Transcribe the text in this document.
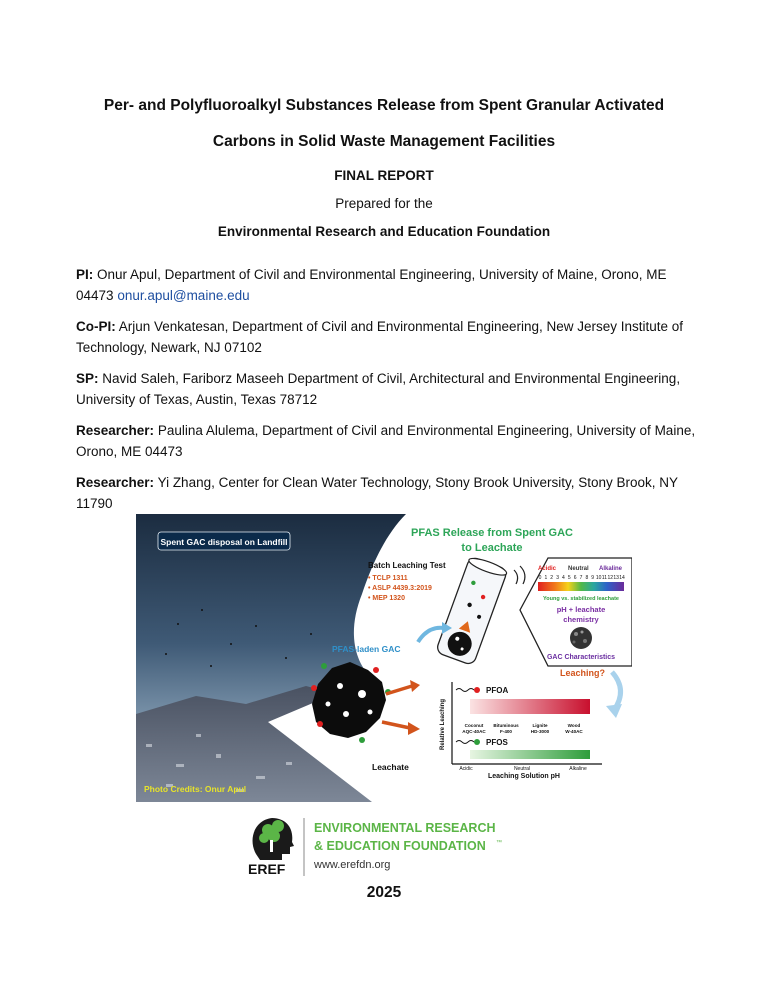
Per- and Polyfluoroalkyl Substances Release from Spent Granular Activated
Carbons in Solid Waste Management Facilities
FINAL REPORT
Prepared for the
Environmental Research and Education Foundation
PI: Onur Apul, Department of Civil and Environmental Engineering, University of Maine, Orono, ME 04473 onur.apul@maine.edu
Co-PI: Arjun Venkatesan, Department of Civil and Environmental Engineering, New Jersey Institute of Technology, Newark, NJ 07102
SP: Navid Saleh, Fariborz Maseeh Department of Civil, Architectural and Environmental Engineering, University of Texas, Austin, Texas 78712
Researcher: Paulina Alulema, Department of Civil and Environmental Engineering, University of Maine, Orono, ME 04473
Researcher: Yi Zhang, Center for Clean Water Technology, Stony Brook University, Stony Brook, NY 11790
Spent GAC disposal on Landfill
PFAS Release from Spent GAC
to Leachate
Batch Leaching Test
• TCLP 1311
• ASLP 4439.3:2019
• MEP 1320
Acidic Neutral Alkaline
0 1 2 3 4 5 6 7 8 9 10 11 12 13 14
Young vs. stabilized leachate
pH + leachate
chemistry
GAC Characteristics
PFAS-laden GAC
Leachate
Leaching?
Relative Leaching
Leaching Solution pH
Acidic	Neutral	Alkaline
PFOA
Coconut
AQC-40AC
Bituminous
F-400
Lignite
HD-3000
Wood
W-40AC
PFOS
Photo Credits: Onur Apul
EREF
ENVIRONMENTAL RESEARCH
& EDUCATION FOUNDATION ™
www.erefdn.org
2025
